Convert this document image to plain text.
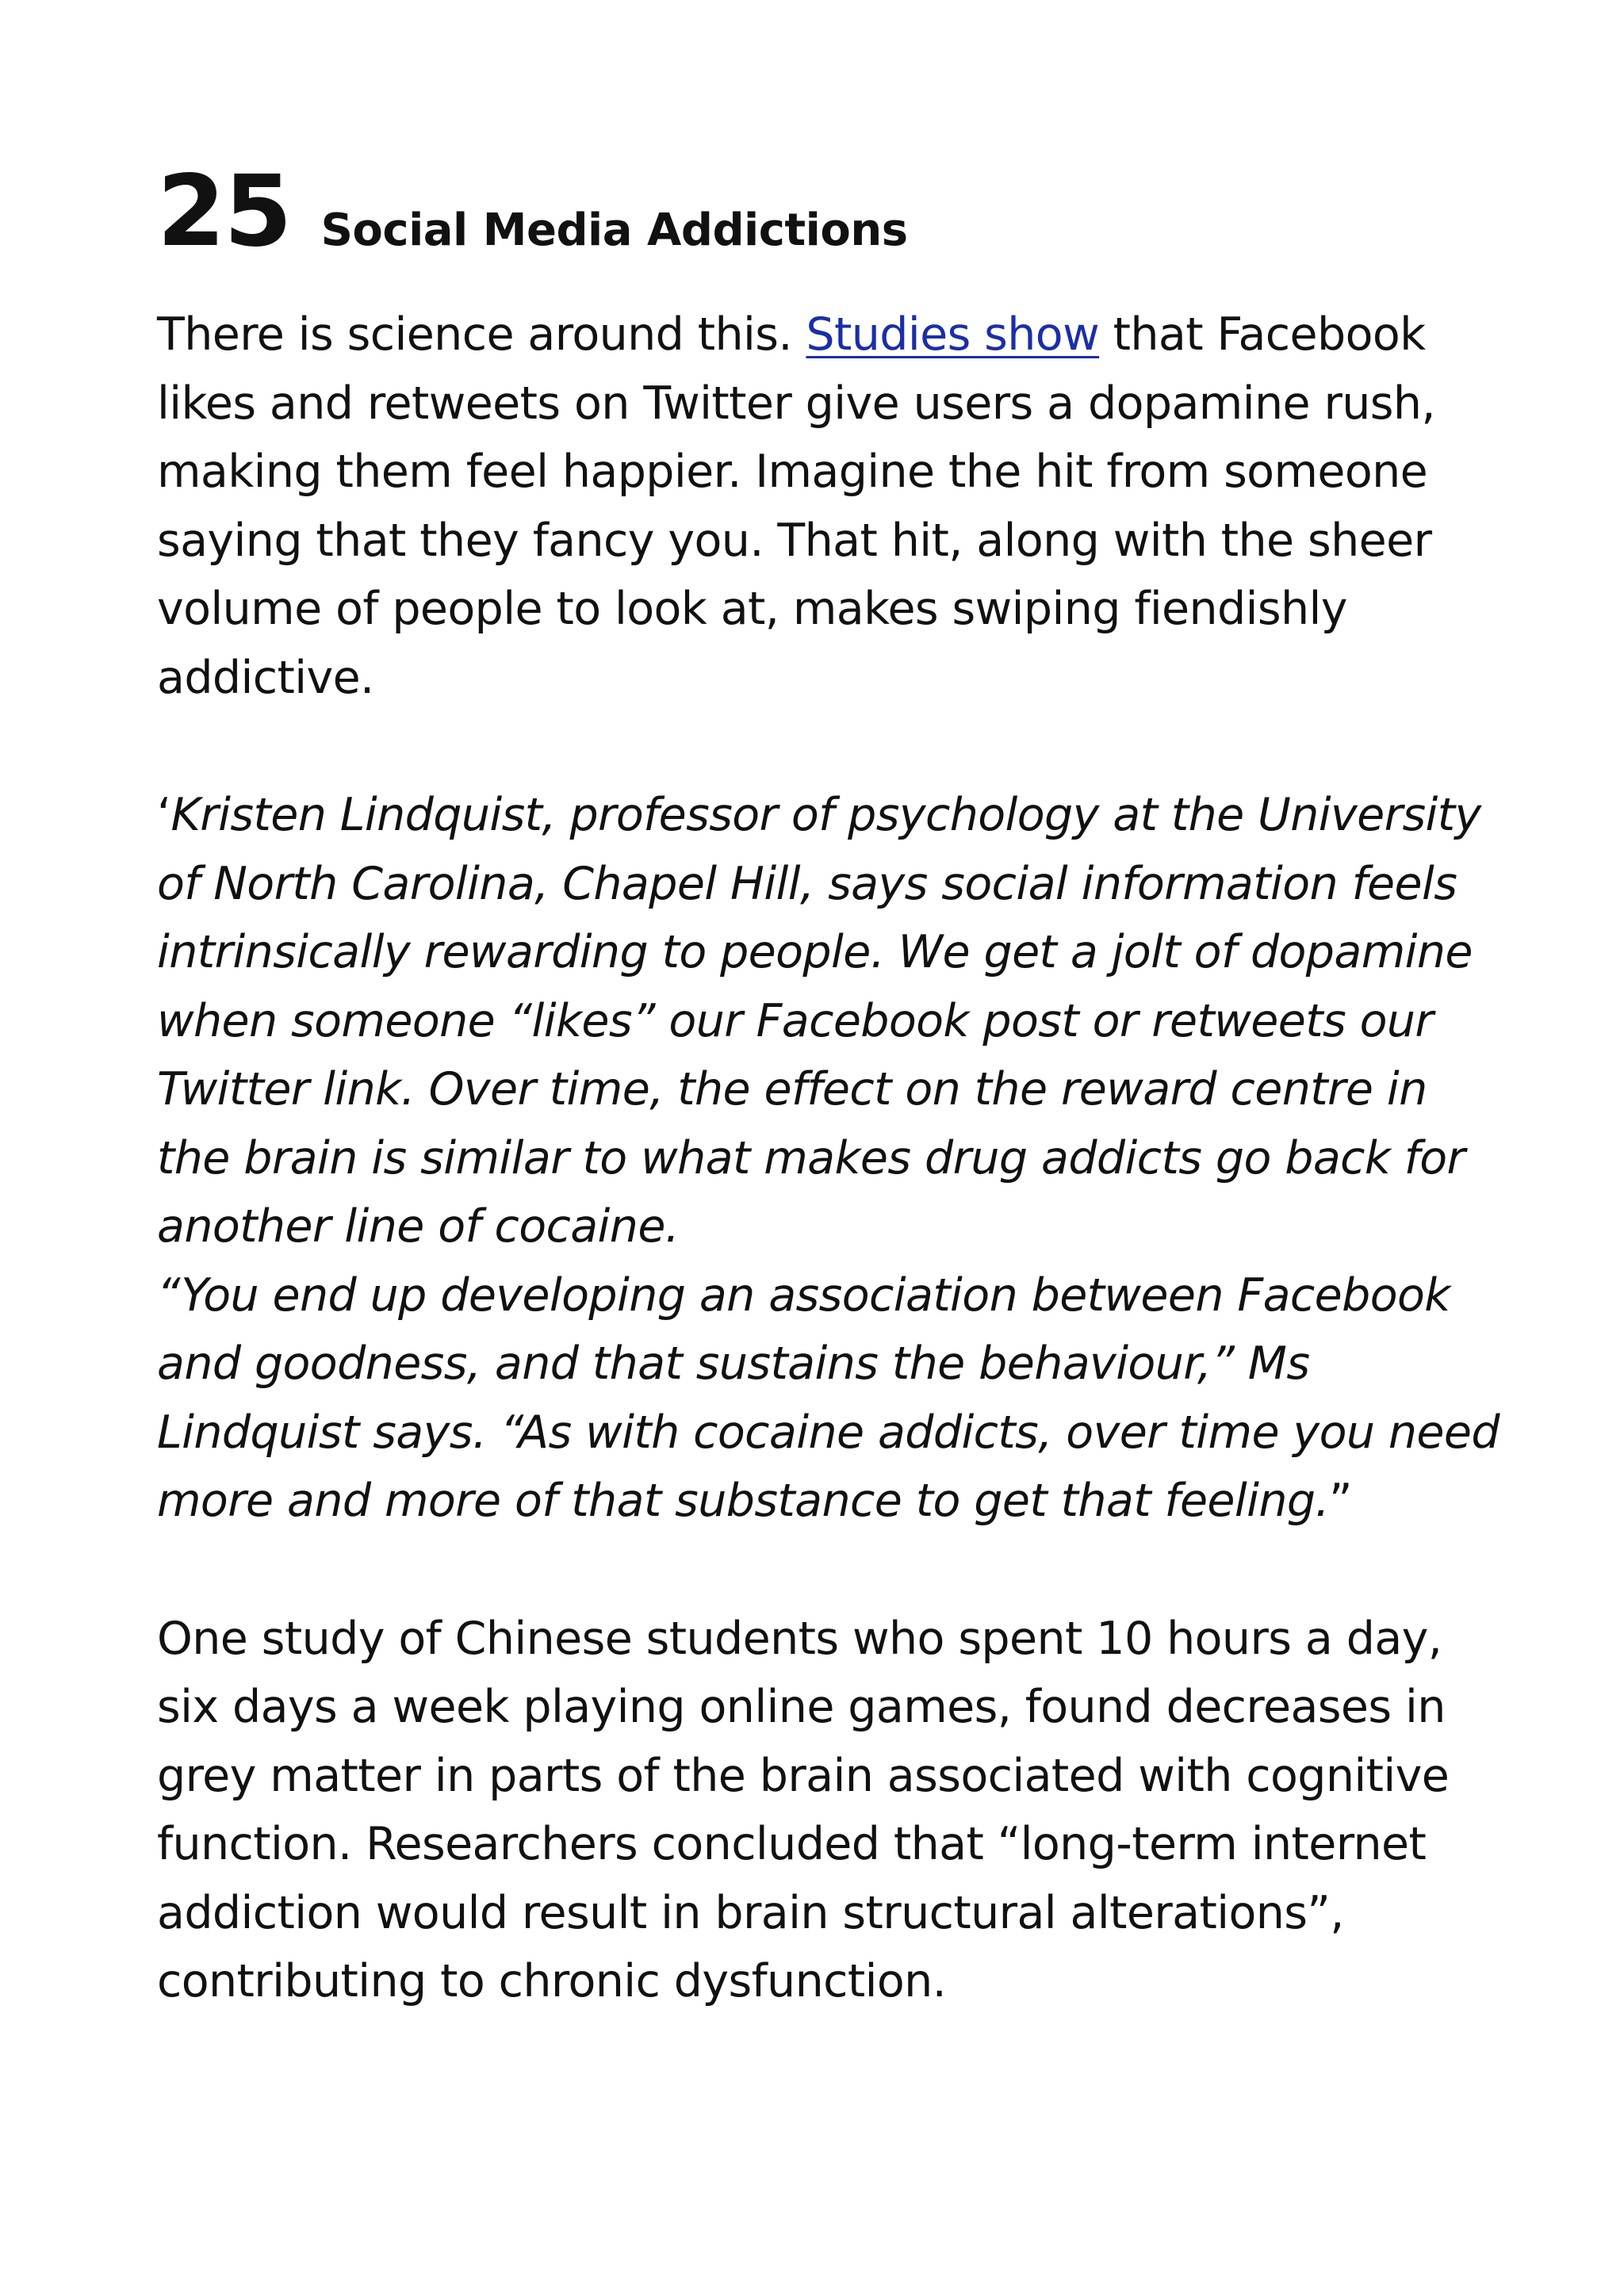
25 Social Media Addictions

There is science around this. Studies show that Facebook likes and retweets on Twitter give users a dopamine rush, making them feel happier. Imagine the hit from someone saying that they fancy you. That hit, along with the sheer volume of people to look at, makes swiping fiendishly addictive.

‘Kristen Lindquist, professor of psychology at the University of North Carolina, Chapel Hill, says social information feels intrinsically rewarding to people. We get a jolt of dopamine when someone “likes” our Facebook post or retweets our Twitter link. Over time, the effect on the reward centre in the brain is similar to what makes drug addicts go back for another line of cocaine.
“You end up developing an association between Facebook and goodness, and that sustains the behaviour,” Ms Lindquist says. “As with cocaine addicts, over time you need more and more of that substance to get that feeling.”

One study of Chinese students who spent 10 hours a day, six days a week playing online games, found decreases in grey matter in parts of the brain associated with cognitive function. Researchers concluded that “long-term internet addiction would result in brain structural alterations”, contributing to chronic dysfunction.
